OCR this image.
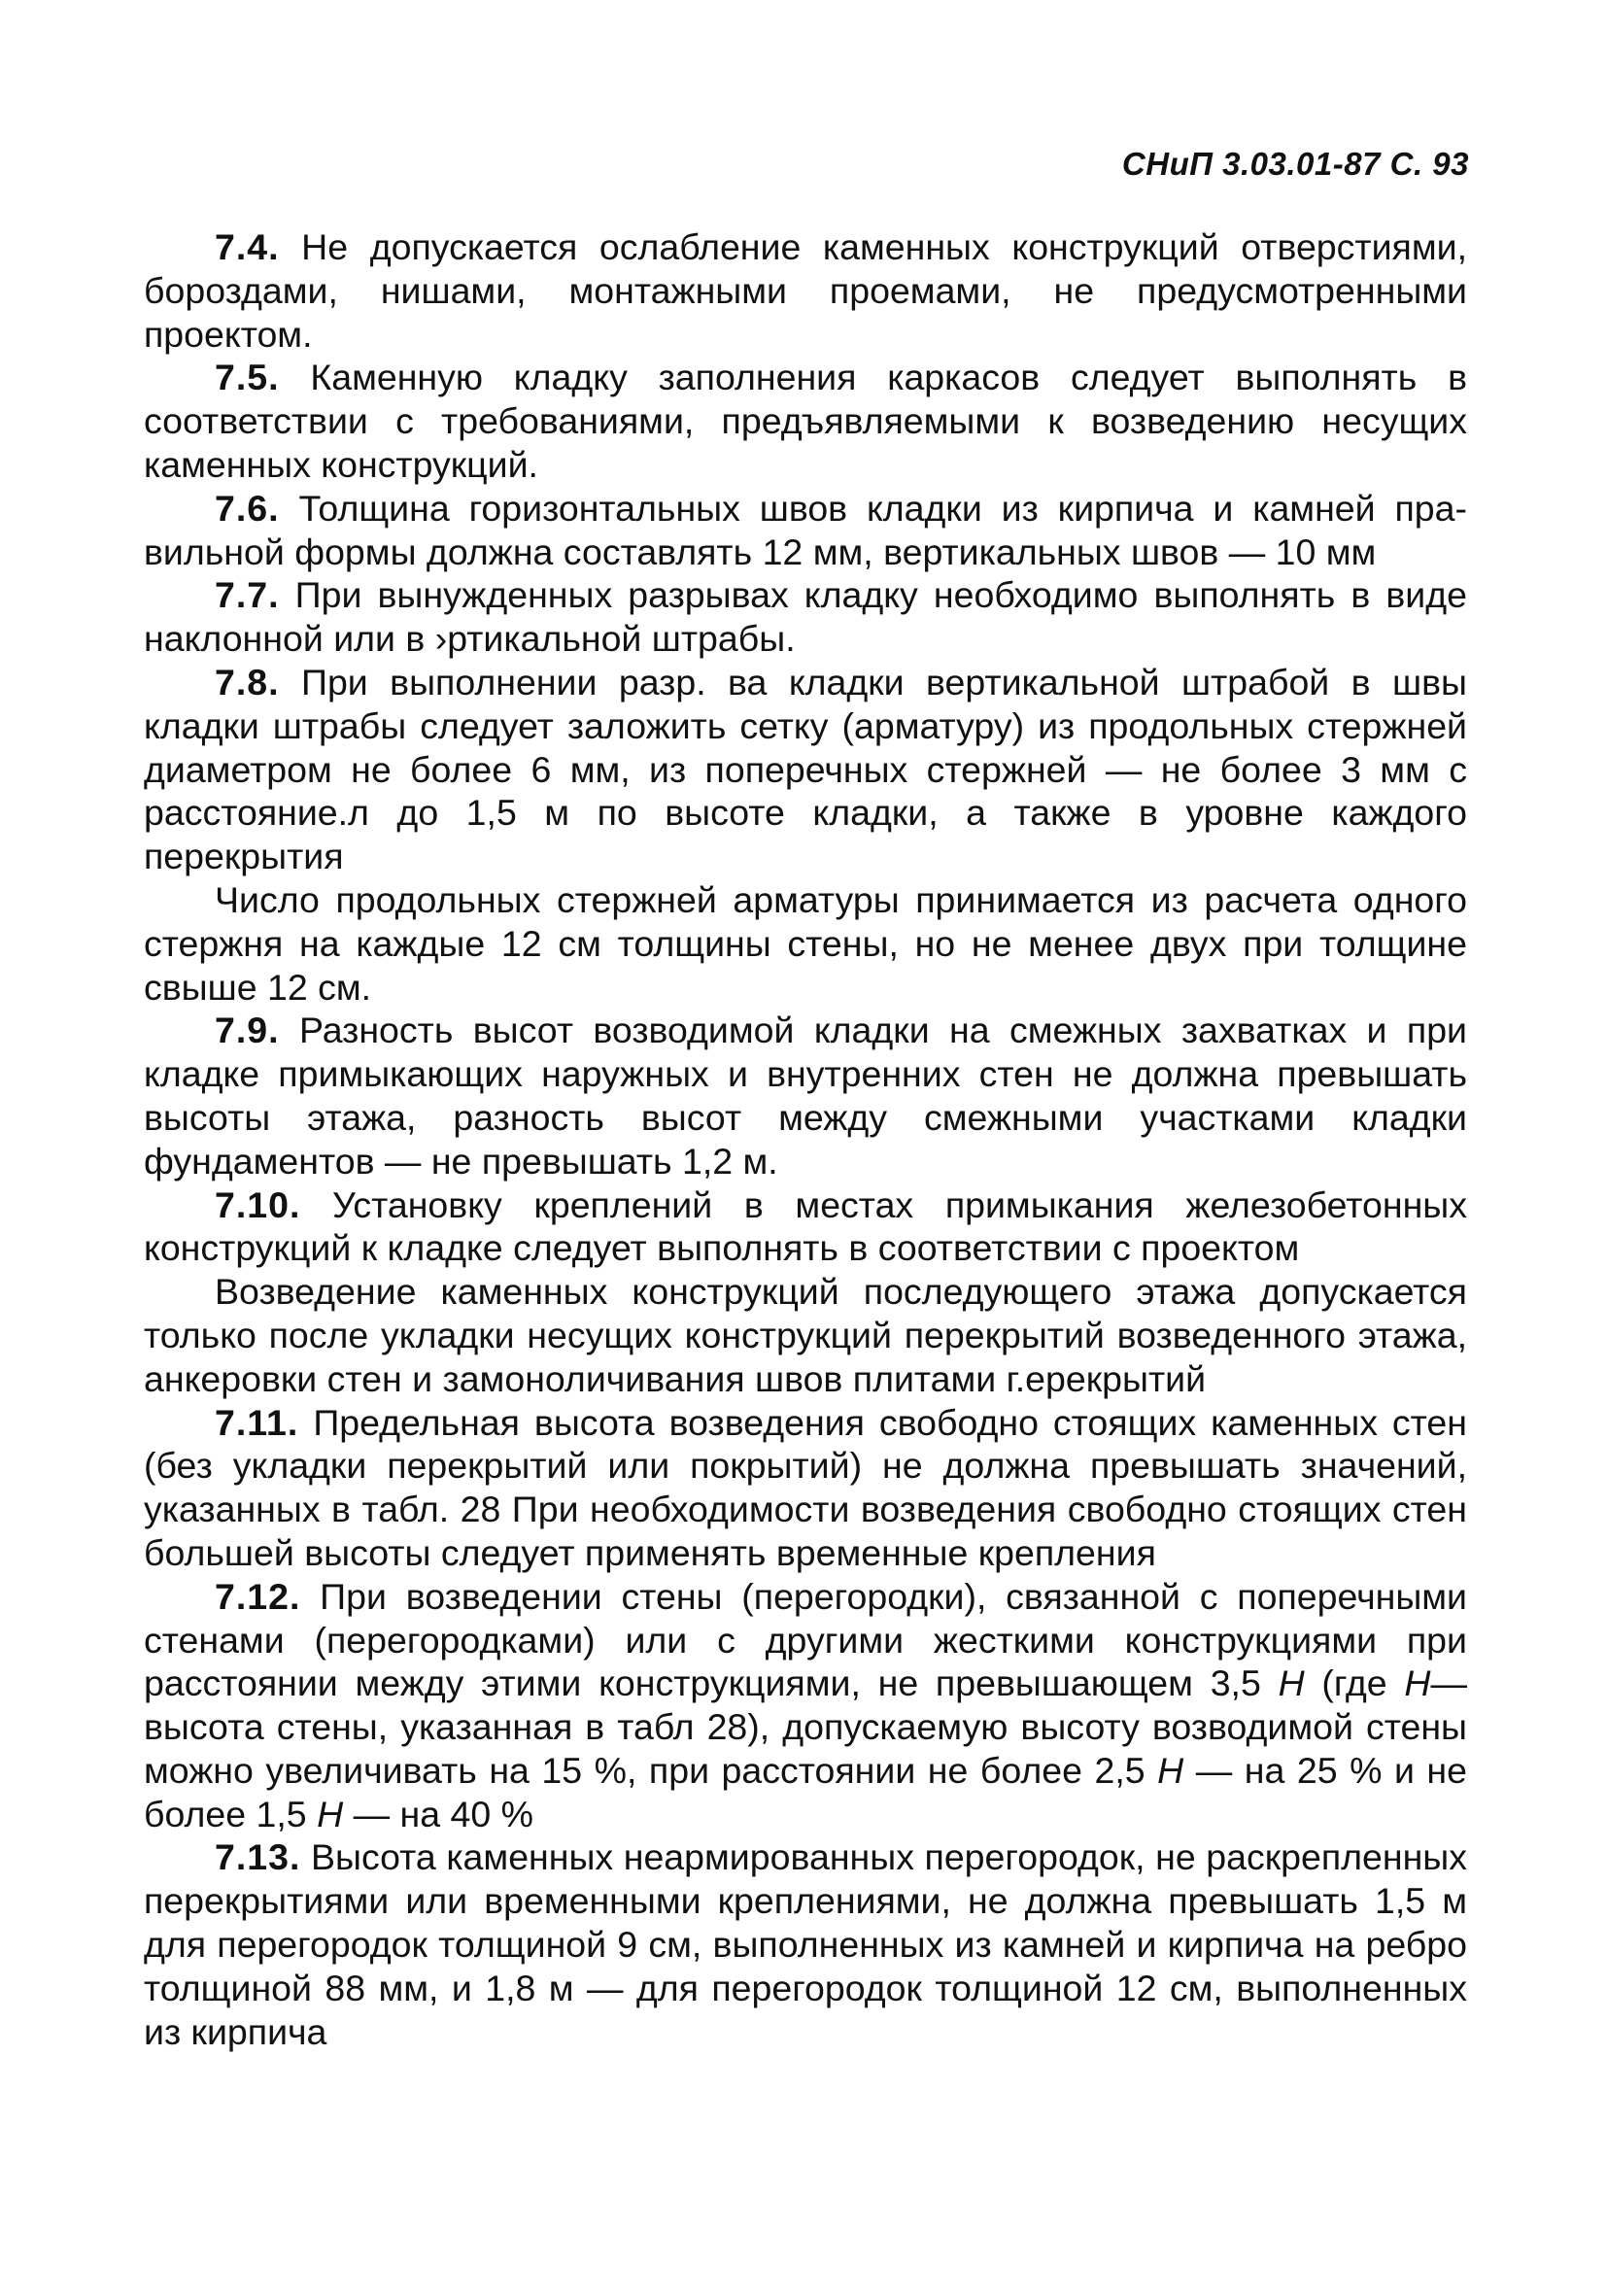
СНиП 3.03.01-87 С. 93

7.4. Не допускается ослабление каменных конструкций отверстиями, бороздами, нишами, монтажными проемами, не предусмотренными проектом.

7.5. Каменную кладку заполнения каркасов следует выполнять в соответствии с требованиями, предъявляемыми к возведению несущих каменных конструкций.

7.6. Толщина горизонтальных швов кладки из кирпича и камней правильной формы должна составлять 12 мм, вертикальных швов — 10 мм

7.7. При вынужденных разрывах кладку необходимо выполнять в виде наклонной или в ›ртикальной штрабы.

7.8. При выполнении разр. ва кладки вертикальной штрабой в швы кладки штрабы следует заложить сетку (арматуру) из продольных стержней диаметром не более 6 мм, из поперечных стержней — не более 3 мм с расстояние.л до 1,5 м по высоте кладки, а также в уровне каждого перекрытия

Число продольных стержней арматуры принимается из расчета одного стержня на каждые 12 см толщины стены, но не менее двух при толщине свыше 12 см.

7.9. Разность высот возводимой кладки на смежных захватках и при кладке примыкающих наружных и внутренних стен не должна превышать высоты этажа, разность высот между смежными участками кладки фундаментов — не превышать 1,2 м.

7.10. Установку креплений в местах примыкания железобетонных конструкций к кладке следует выполнять в соответствии с проектом

Возведение каменных конструкций последующего этажа допускается только после укладки несущих конструкций перекрытий возведенного этажа, анкеровки стен и замоноличивания швов плитами г.ерекрытий

7.11. Предельная высота возведения свободно стоящих каменных стен (без укладки перекрытий или покрытий) не должна превышать значений, указанных в табл. 28 При необходимости возведения свободно стоящих стен большей высоты следует применять временные крепления

7.12. При возведении стены (перегородки), связанной с поперечными стенами (перегородками) или с другими жесткими конструкциями при расстоянии между этими конструкциями, не превышающем 3,5 H (где H— высота стены, указанная в табл 28), допускаемую высоту возводимой стены можно увеличивать на 15 %, при расстоянии не более 2,5 H — на 25 % и не более 1,5 H — на 40 %

7.13. Высота каменных неармированных перегородок, не раскрепленных перекрытиями или временными креплениями, не должна превышать 1,5 м для перегородок толщиной 9 см, выполненных из камней и кирпича на ребро толщиной 88 мм, и 1,8 м — для перегородок толщиной 12 см, выполненных из кирпича
